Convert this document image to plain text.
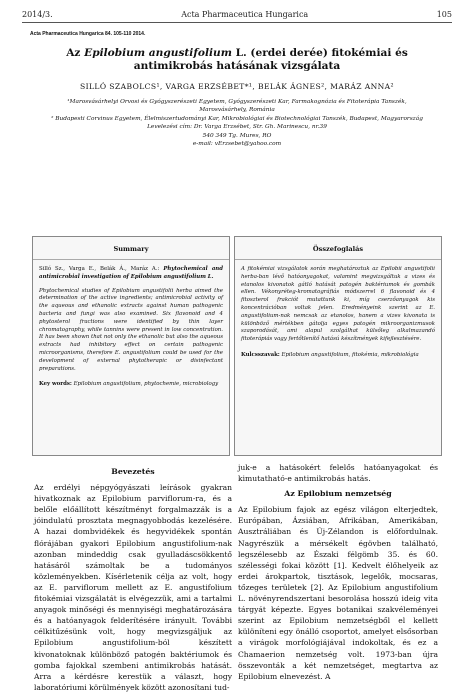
2014/3.	Acta Pharmaceutica Hungarica	105
Acta Pharmaceutica Hungarica 84. 105-110 2014.
Az Epilobium angustifolium L. (erdei derée) fitokémiai és antimikrobás hatásának vizsgálata
SILLÓ SZABOLCS¹, VARGA ERZSÉBET*¹, BELÁK ÁGNES², MARÁZ ANNA²
¹Marosvásárhelyi Orvosi és Gyógyszerészeti Egyetem, Gyógyszerészeti Kar, Farmakognózia és Fitoterápia Tanszék,
Marosvásárhely, Románia
² Budapesti Corvinus Egyetem, Élelmiszertudományi Kar, Mikrobiológiai és Biotechnológiai Tanszék, Budapest, Magyarország
Levelezési cím: Dr. Varga Erzsébet, Str. Gh. Marinescu, nr.39
540 349 Tg. Mures, RO
e-mail: vErzsebet@yahoo.com
Summary
Silló Sz., Varga E., Belák Á., Maráz A.: Phytochemical and antimicrobial investigation of Epilobium angustifolium L.
Phytochemical studies of Epilobium angustifolii herba aimed the determination of the active ingredients; antimicrobial activity of the aqueous and ethanolic extracts against human pathogenic bacteria and fungi was also examined. Six flavonoid and 4 phytosterol fractions were identified by thin layer chromatography, while tannins were present in low concentration. It has been shown that not only the ethanolic but also the aqueous extracts had inhibitory effect on certain pathogenic microorganisms, therefore E. angustifolium could be used for the development of external phytotherapic or disinfectant preparations.
Key words: Epilobium angustifolium, phytochemie, microbiology
Összefoglalás
A fitokémiai vizsgálatok során meghatároztuk az Epilobii angustifolii herba-ban lévő hatóanyagokat, valamint megvizsgáltuk a vizes és etanolos kivonatok gátló hatását patogén baktériumok és gombák ellen. Vékonyréteg-kromatográfiás módszerrel 6 flavonoid és 4 fitoszterol frakciót mutattunk ki, míg cserzőanyagok kis koncentrációban voltak jelen. Eredményeink szerint az E. angustifolium-nak nemcsak az etanolos, hanem a vizes kivonata is különböző mértékben gátolja egyes patogén mikroorganizmusok szaporodását, ami alapul szolgálhat külsőleg alkalmazandó fitoterápiás vagy fertőtlenítő hatású készítmények kifejlesztésére.
Kulcsszavak: Epilobium angustifolium, fitokémia, mikrobiológia
Bevezetés

Az erdélyi népgyógyászati leírások gyakran hivatkoznak az Epilobium parviflorum-ra, és a belőle előállított készítményt forgalmazzák is a jóindulatú prosztata megnagyobbodás kezelésére. A hazai dombvidékek és hegyvidékek spontán flórájában gyakori Epilobium angustifolium-nak azonban mindeddig csak gyulladáscsökkentő hatásáról számoltak be a tudományos közleményekben. Kísérletenik célja az volt, hogy az E. parviflorum mellett az E. angustifolium fitokémiai vizsgálatát is elvégezzük, ami a tartalmi anyagok minőségi és mennyiségi meghatározására és a hatóanyagok felderítésére irányult. További célkitűzésünk volt, hogy megvizsgáljuk az Epilobium angustifolium-ból készített kivonatoknak különböző patogén baktériumok és gomba fajokkal szembeni antimikrobás hatását. Arra a kérdésre kerestük a választ, hogy laboratóriumi körülmények között azonosítani tud-

juk-e a hatásokért felelős hatóanyagokat és kimutatható-e antimikrobás hatás.

Az Epilobium nemzetség

Az Epilobium fajok az egész világon elterjedtek, Európában, Ázsiában, Afrikában, Amerikában, Ausztráliában és Új-Zélandon is előfordulnak. Nagyrészük a mérsékelt égövben található, legszélesebb az Északi félgömb 35. és 60. szélességi fokai között [1]. Kedvelt élőhelyeik az erdei árokpartok, tisztások, legelők, mocsaras, tőzeges területek [2]. Az Epilobium angustifolium L. növényrendszertani besorolása hosszú ideig vita tárgyát képezte. Egyes botanikai szakvéleményei szerint az Epilobium nemzetségből el kellett különíteni egy önálló csoportot, amelyet elsősorban a virágok morfológiájával indokoltak, és ez a Chamaerion nemzetség volt. 1973-ban újra összevonták a két nemzetséget, megtartva az Epilobium elnevezést. A
